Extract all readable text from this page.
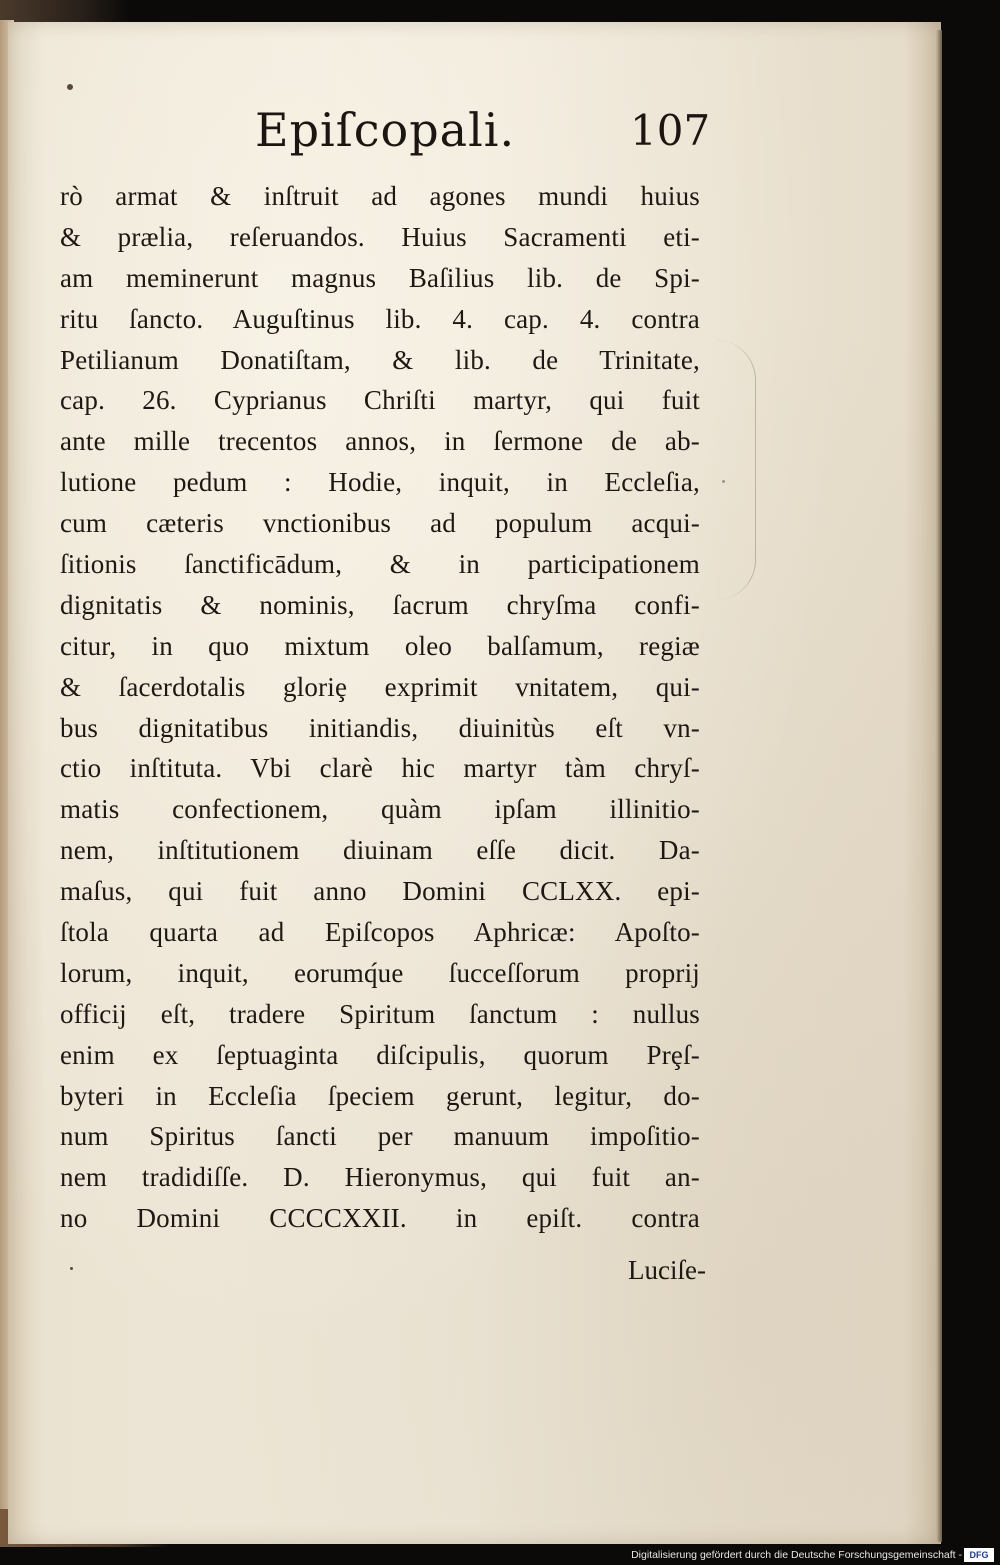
Epiſcopali.	107
rò armat & inſtruit ad agones mundi huius
& prælia, reſeruandos. Huius Sacramenti eti-
am meminerunt magnus Baſilius lib. de Spi-
ritu ſancto. Auguſtinus lib. 4. cap. 4. contra
Petilianum Donatiſtam, & lib. de Trinitate,
cap. 26. Cyprianus Chriſti martyr, qui fuit
ante mille trecentos annos, in ſermone de ab-
lutione pedum : Hodie, inquit, in Eccleſia,
cum cæteris vnctionibus ad populum acqui-
ſitionis ſanctificādum, & in participationem
dignitatis & nominis, ſacrum chryſma confi-
citur, in quo mixtum oleo balſamum, regiæ
& ſacerdotalis gloriȩ exprimit vnitatem, qui-
bus dignitatibus initiandis, diuinitùs eſt vn-
ctio inſtituta. Vbi clarè hic martyr tàm chryſ-
matis confectionem, quàm ipſam illinitio-
nem, inſtitutionem diuinam eſſe dicit. Da-
maſus, qui fuit anno Domini CCLXX. epi-
ſtola quarta ad Epiſcopos Aphricæ: Apoſto-
lorum, inquit, eorumq́ue ſucceſſorum proprij
officij eſt, tradere Spiritum ſanctum : nullus
enim ex ſeptuaginta diſcipulis, quorum Prȩſ-
byteri in Eccleſia ſpeciem gerunt, legitur, do-
num Spiritus ſancti per manuum impoſitio-
nem tradidiſſe. D. Hieronymus, qui fuit an-
no Domini CCCCXXII. in epiſt. contra
Luciſe-
Digitalisierung gefördert durch die Deutsche Forschungsgemeinschaft - DFG
